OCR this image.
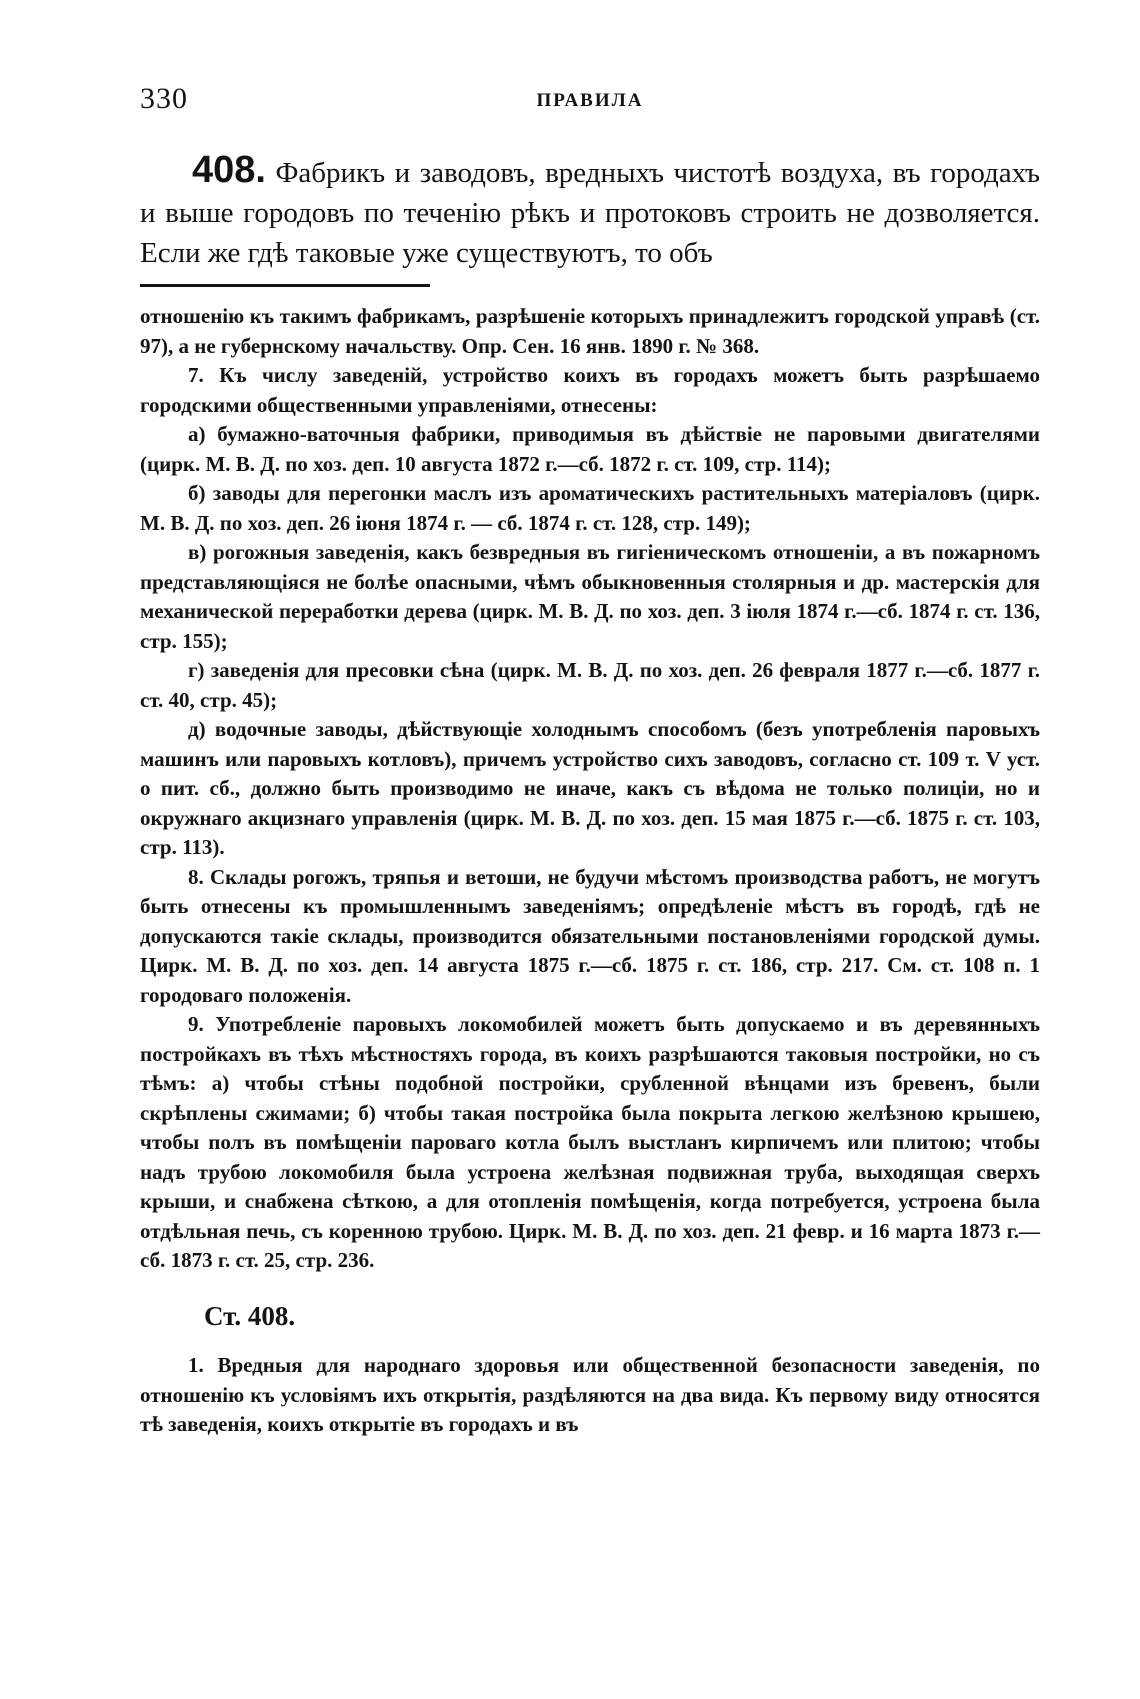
330	ПРАВИЛА

408. Фабрикъ и заводовъ, вредныхъ чистотѣ воздуха, въ городахъ и выше городовъ по теченію рѣкъ и протоковъ строить не дозволяется. Если же гдѣ таковые уже существуютъ, то объ

отношенію къ такимъ фабрикамъ, разрѣшеніе которыхъ принадлежитъ городской управѣ (ст. 97), а не губернскому начальству. Опр. Сен. 16 янв. 1890 г. № 368.

7. Къ числу заведеній, устройство коихъ въ городахъ можетъ быть разрѣшаемо городскими общественными управленіями, отнесены:

а) бумажно-ваточныя фабрики, приводимыя въ дѣйствіе не паровыми двигателями (цирк. М. В. Д. по хоз. деп. 10 августа 1872 г.—сб. 1872 г. ст. 109, стр. 114);

б) заводы для перегонки маслъ изъ ароматическихъ растительныхъ матеріаловъ (цирк. М. В. Д. по хоз. деп. 26 іюня 1874 г. — сб. 1874 г. ст. 128, стр. 149);

в) рогожныя заведенія, какъ безвредныя въ гигіеническомъ отношеніи, а въ пожарномъ представляющіяся не болѣе опасными, чѣмъ обыкновенныя столярныя и др. мастерскія для механической переработки дерева (цирк. М. В. Д. по хоз. деп. 3 іюля 1874 г.—сб. 1874 г. ст. 136, стр. 155);

г) заведенія для пресовки сѣна (цирк. М. В. Д. по хоз. деп. 26 февраля 1877 г.—сб. 1877 г. ст. 40, стр. 45);

д) водочные заводы, дѣйствующіе холоднымъ способомъ (безъ употребленія паровыхъ машинъ или паровыхъ котловъ), причемъ устройство сихъ заводовъ, согласно ст. 109 т. V уст. о пит. сб., должно быть производимо не иначе, какъ съ вѣдома не только полиціи, но и окружнаго акцизнаго управленія (цирк. М. В. Д. по хоз. деп. 15 мая 1875 г.—сб. 1875 г. ст. 103, стр. 113).

8. Склады рогожъ, тряпья и ветоши, не будучи мѣстомъ производства работъ, не могутъ быть отнесены къ промышленнымъ заведеніямъ; опредѣленіе мѣстъ въ городѣ, гдѣ не допускаются такіе склады, производится обязательными постановленіями городской думы. Цирк. М. В. Д. по хоз. деп. 14 августа 1875 г.—сб. 1875 г. ст. 186, стр. 217. См. ст. 108 п. 1 городоваго положенія.

9. Употребленіе паровыхъ локомобилей можетъ быть допускаемо и въ деревянныхъ постройкахъ въ тѣхъ мѣстностяхъ города, въ коихъ разрѣшаются таковыя постройки, но съ тѣмъ: а) чтобы стѣны подобной постройки, срубленной вѣнцами изъ бревенъ, были скрѣплены сжимами; б) чтобы такая постройка была покрыта легкою желѣзною крышею, чтобы полъ въ помѣщеніи пароваго котла былъ выстланъ кирпичемъ или плитою; чтобы надъ трубою локомобиля была устроена желѣзная подвижная труба, выходящая сверхъ крыши, и снабжена сѣткою, а для отопленія помѣщенія, когда потребуется, устроена была отдѣльная печь, съ коренною трубою. Цирк. М. В. Д. по хоз. деп. 21 февр. и 16 марта 1873 г.—сб. 1873 г. ст. 25, стр. 236.

Ст. 408.

1. Вредныя для народнаго здоровья или общественной безопасности заведенія, по отношенію къ условіямъ ихъ открытія, раздѣляются на два вида. Къ первому виду относятся тѣ заведенія, коихъ открытіе въ городахъ и въ
